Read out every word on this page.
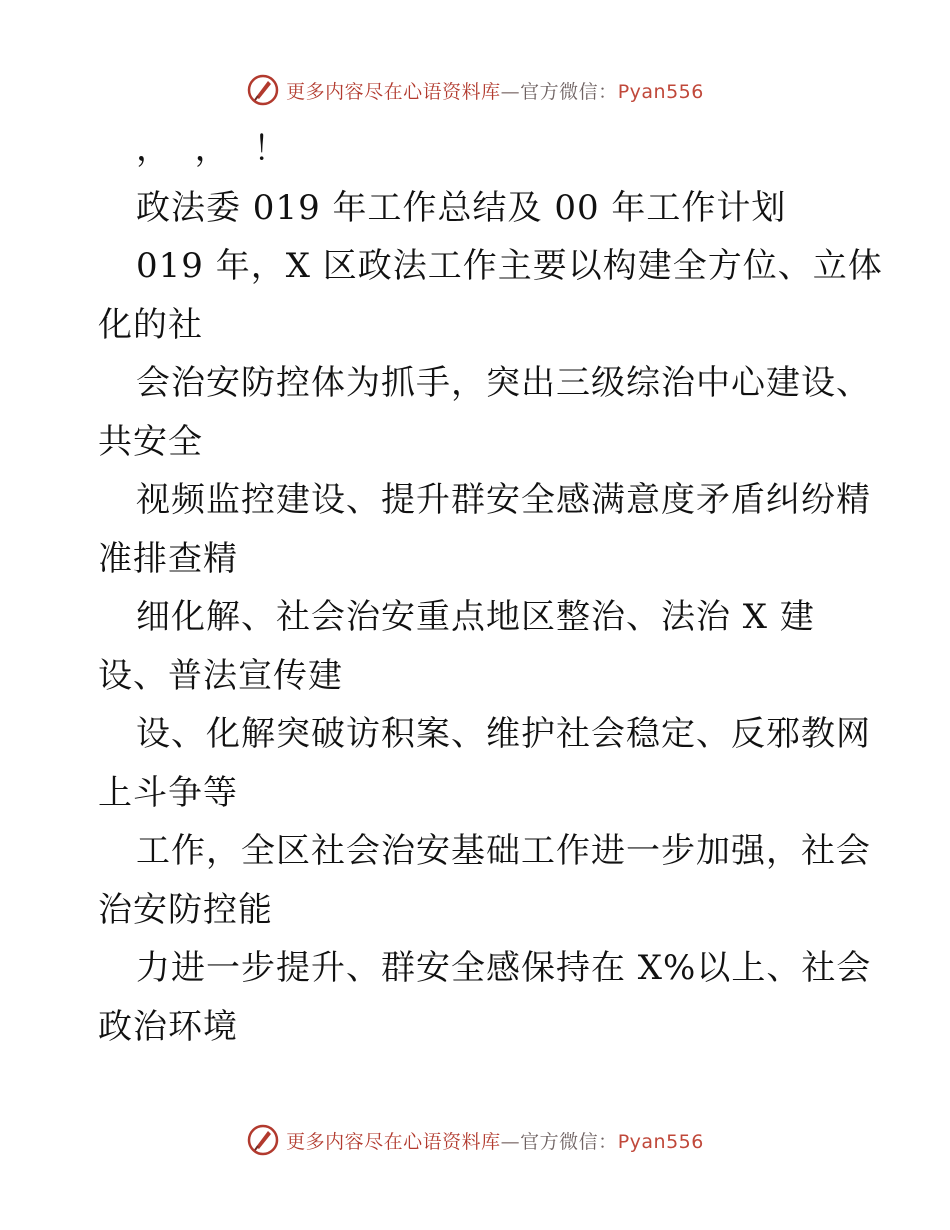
更多内容尽在心语资料库—官方微信：Pyan556
，  ，  ！
政法委 019 年工作总结及 00 年工作计划
019 年，X 区政法工作主要以构建全方位、立体
化的社
会治安防控体为抓手，突出三级综治中心建设、
共安全
视频监控建设、提升群安全感满意度矛盾纠纷精
准排查精
细化解、社会治安重点地区整治、法治 X 建
设、普法宣传建
设、化解突破访积案、维护社会稳定、反邪教网
上斗争等
工作，全区社会治安基础工作进一步加强，社会
治安防控能
力进一步提升、群安全感保持在 X%以上、社会
政治环境
更多内容尽在心语资料库—官方微信：Pyan556
